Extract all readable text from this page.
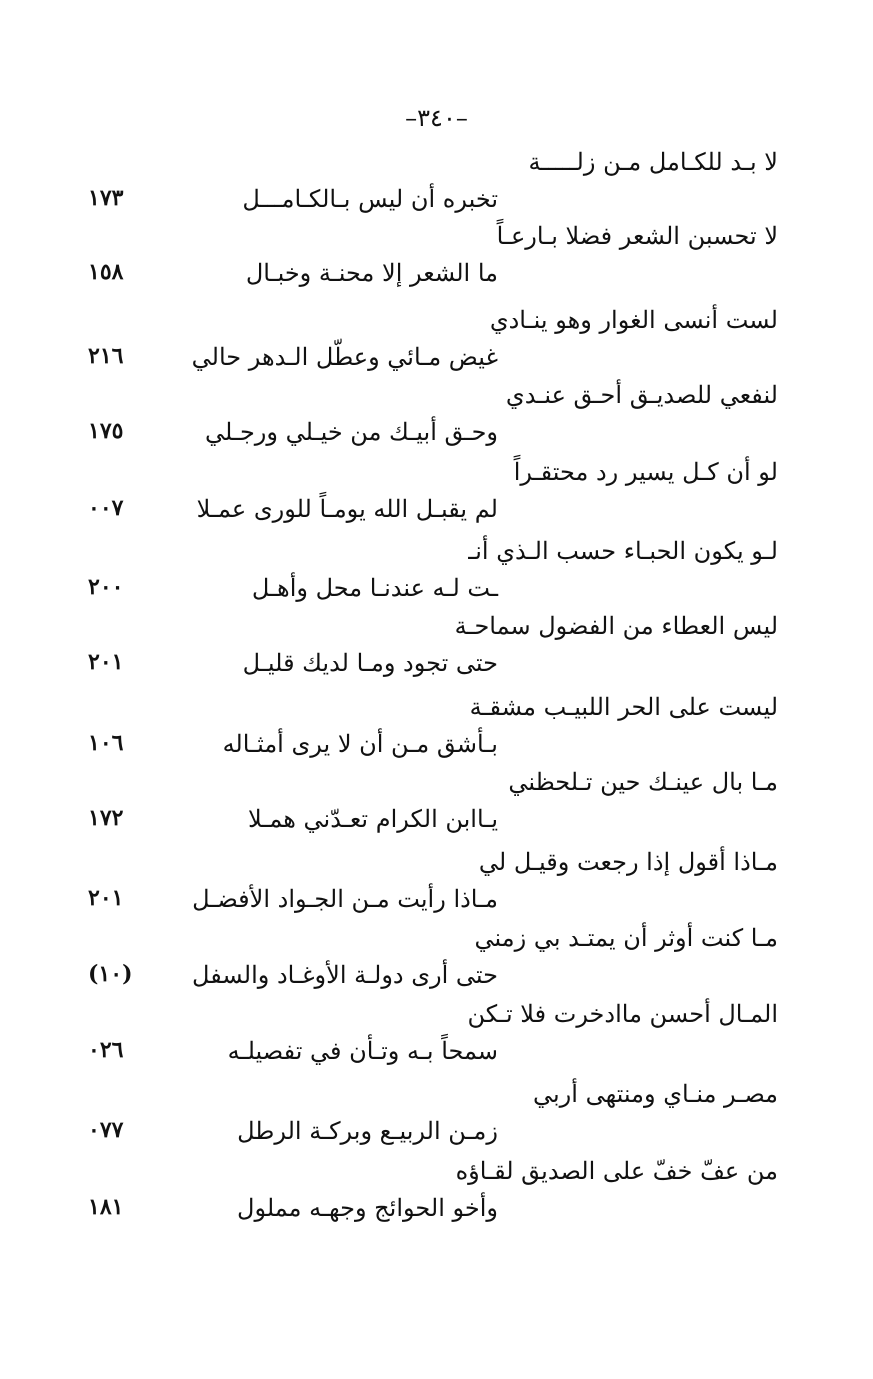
–٣٤٠–
لا بـد للكـامل مـن زلـــــة
تخبره أن ليس بـالكـامـــل
١٧٣
لا تحسبن الشعر فضلا بـارعـاً
ما الشعر إلا محنـة وخبـال
١٥٨
لست أنسى الغوار وهو ينـادي
غيض مـائي وعطّل الـدهر حالي
٢١٦
لنفعي للصديـق أحـق عنـدي
وحـق أبيـك من خيـلي ورجـلي
١٧٥
لو أن كـل يسير رد محتقـراً
لم يقبـل الله يومـاً للورى عمـلا
٠٠٧
لـو يكون الحبـاء حسب الـذي أنـ
ـت لـه عندنـا محل وأهـل
٢٠٠
ليس العطاء من الفضول سماحـة
حتى تجود ومـا لديك قليـل
٢٠١
ليست على الحر اللبيـب مشقـة
بـأشق مـن أن لا يرى أمثـاله
١٠٦
مـا بال عينـك حين تـلحظني
يـاابن الكرام تعـدّني همـلا
١٧٢
مـاذا أقول إذا رجعت وقيـل لي
مـاذا رأيت مـن الجـواد الأفضـل
٢٠١
مـا كنت أوثر أن يمتـد بي زمني
حتى أرى دولـة الأوغـاد والسفل
(١٠)
المـال أحسن ماادخرت فلا تـكن
سمحاً بـه وتـأن في تفصيلـه
٠٢٦
مصـر منـاي ومنتهى أربي
زمـن الربيـع وبركـة الرطل
٠٧٧
من عفّ خفّ على الصديق لقـاؤه
وأخو الحوائج وجهـه مملول
١٨١
